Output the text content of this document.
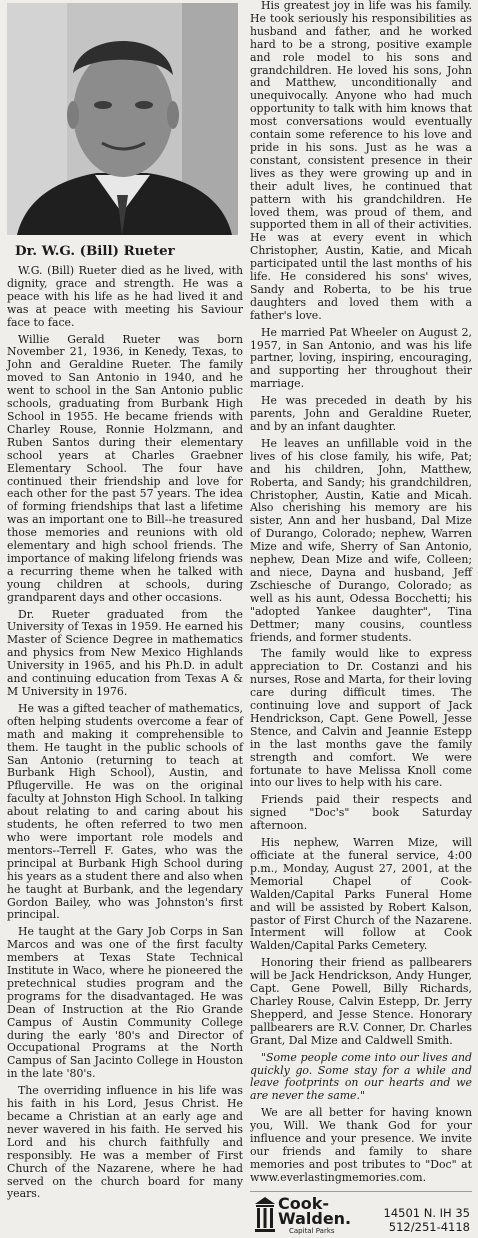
Dr. W.G. (Bill) Rueter

W.G. (Bill) Rueter died as he lived, with dignity, grace and strength. He was a peace with his life as he had lived it and was at peace with meeting his Saviour face to face.

Willie Gerald Rueter was born November 21, 1936, in Kenedy, Texas, to John and Geraldine Rueter. The family moved to San Antonio in 1940, and he went to school in the San Antonio public schools, graduating from Burbank High School in 1955. He became friends with Charley Rouse, Ronnie Holzmann, and Ruben Santos during their elementary school years at Charles Graebner Elementary School. The four have continued their friendship and love for each other for the past 57 years. The idea of forming friendships that last a lifetime was an important one to Bill--he treasured those memories and reunions with old elementary and high school friends. The importance of making lifelong friends was a recurring theme when he talked with young children at schools, during grandparent days and other occasions.

Dr. Rueter graduated from the University of Texas in 1959. He earned his Master of Science Degree in mathematics and physics from New Mexico Highlands University in 1965, and his Ph.D. in adult and continuing education from Texas A & M University in 1976.

He was a gifted teacher of mathematics, often helping students overcome a fear of math and making it comprehensible to them. He taught in the public schools of San Antonio (returning to teach at Burbank High School), Austin, and Pflugerville. He was on the original faculty at Johnston High School. In talking about relating to and caring about his students, he often referred to two men who were important role models and mentors--Terrell F. Gates, who was the principal at Burbank High School during his years as a student there and also when he taught at Burbank, and the legendary Gordon Bailey, who was Johnston's first principal.

He taught at the Gary Job Corps in San Marcos and was one of the first faculty members at Texas State Technical Institute in Waco, where he pioneered the pretechnical studies program and the programs for the disadvantaged. He was Dean of Instruction at the Rio Grande Campus of Austin Community College during the early '80's and Director of Occupational Programs at the North Campus of San Jacinto College in Houston in the late '80's.

The overriding influence in his life was his faith in his Lord, Jesus Christ. He became a Christian at an early age and never wavered in his faith. He served his Lord and his church faithfully and responsibly. He was a member of First Church of the Nazarene, where he had served on the church board for many years.

His greatest joy in life was his family. He took seriously his responsibilities as husband and father, and he worked hard to be a strong, positive example and role model to his sons and grandchildren. He loved his sons, John and Matthew, unconditionally and unequivocally. Anyone who had much opportunity to talk with him knows that most conversations would eventually contain some reference to his love and pride in his sons. Just as he was a constant, consistent presence in their lives as they were growing up and in their adult lives, he continued that pattern with his grandchildren. He loved them, was proud of them, and supported them in all of their activities. He was at every event in which Christopher, Austin, Katie, and Micah participated until the last months of his life. He considered his sons' wives, Sandy and Roberta, to be his true daughters and loved them with a father's love.

He married Pat Wheeler on August 2, 1957, in San Antonio, and was his life partner, loving, inspiring, encouraging, and supporting her throughout their marriage.

He was preceded in death by his parents, John and Geraldine Rueter, and by an infant daughter.

He leaves an unfillable void in the lives of his close family, his wife, Pat; and his children, John, Matthew, Roberta, and Sandy; his grandchildren, Christopher, Austin, Katie and Micah. Also cherishing his memory are his sister, Ann and her husband, Dal Mize of Durango, Colorado; nephew, Warren Mize and wife, Sherry of San Antonio, nephew, Dean Mize and wife, Colleen; and niece, Dayna and husband, Jeff Zschiesche of Durango, Colorado; as well as his aunt, Odessa Bocchetti; his "adopted Yankee daughter", Tina Dettmer; many cousins, countless friends, and former students.

The family would like to express appreciation to Dr. Costanzi and his nurses, Rose and Marta, for their loving care during difficult times. The continuing love and support of Jack Hendrickson, Capt. Gene Powell, Jesse Stence, and Calvin and Jeannie Estepp in the last months gave the family strength and comfort. We were fortunate to have Melissa Knoll come into our lives to help with his care.

Friends paid their respects and signed "Doc's" book Saturday afternoon.

His nephew, Warren Mize, will officiate at the funeral service, 4:00 p.m., Monday, August 27, 2001, at the Memorial Chapel of Cook-Walden/Capital Parks Funeral Home and will be assisted by Robert Kalson, pastor of First Church of the Nazarene. Interment will follow at Cook Walden/Capital Parks Cemetery.

Honoring their friend as pallbearers will be Jack Hendrickson, Andy Hunger, Capt. Gene Powell, Billy Richards, Charley Rouse, Calvin Estepp, Dr. Jerry Shepperd, and Jesse Stence. Honorary pallbearers are R.V. Conner, Dr. Charles Grant, Dal Mize and Caldwell Smith.

"Some people come into our lives and quickly go. Some stay for a while and leave footprints on our hearts and we are never the same."

We are all better for having known you, Will. We thank God for your influence and your presence. We invite our friends and family to share memories and post tributes to "Doc" at www.everlastingmemories.com.

Cook-
Walden.
Capital Parks
14501 N. IH 35
512/251-4118
